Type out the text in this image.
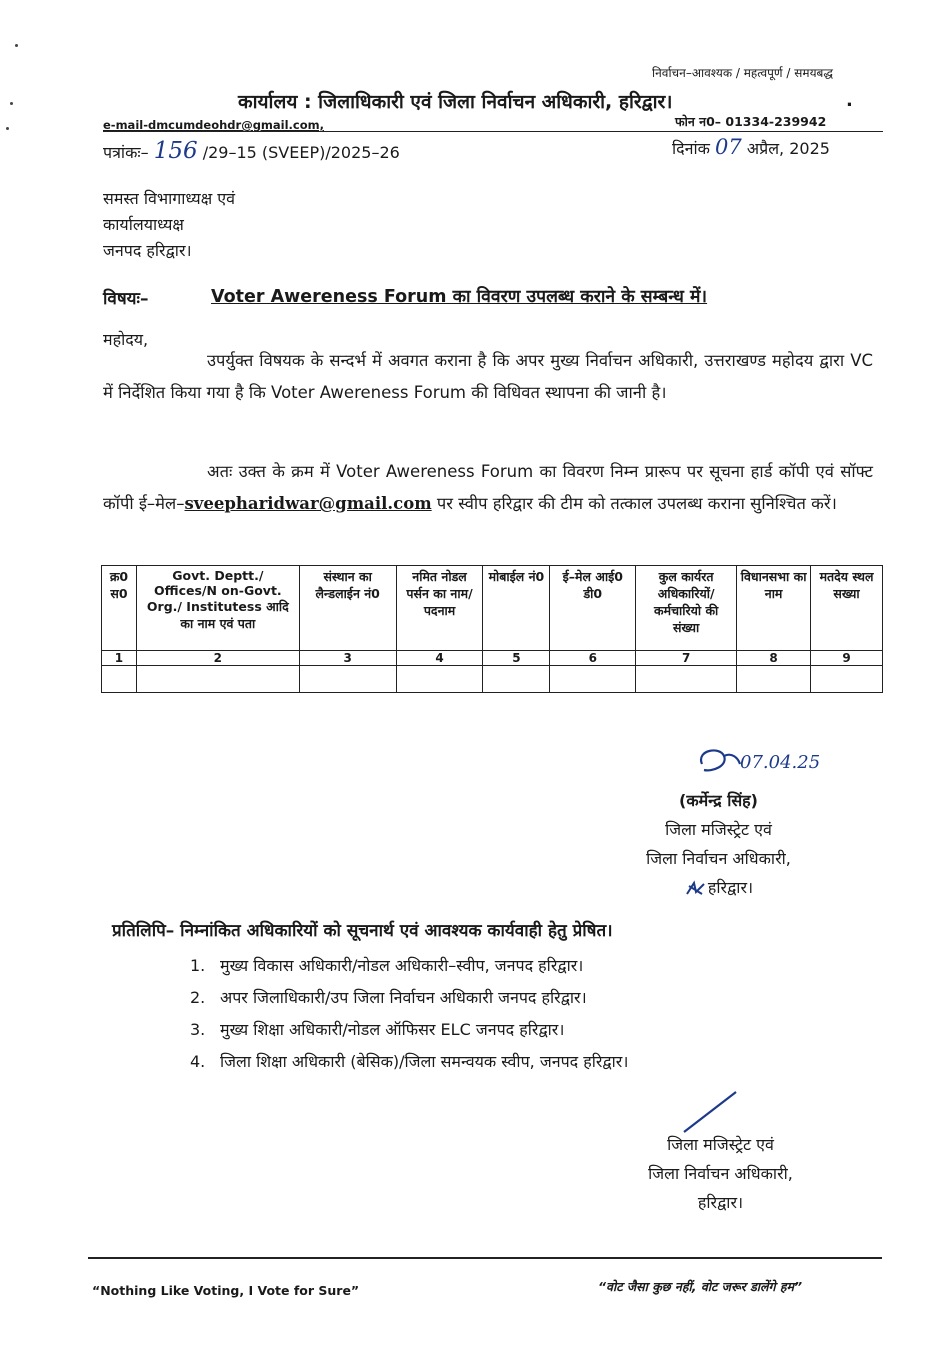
निर्वाचन–आवश्यक / महत्वपूर्ण / समयबद्ध
कार्यालय : जिलाधिकारी एवं जिला निर्वाचन अधिकारी, हरिद्वार।	.
e-mail-dmcumdeohdr@gmail.com,	फोन न0– 01334-239942
पत्रांकः– 156 /29–15 (SVEEP)/2025–26	दिनांक 07 अप्रैल, 2025
समस्त विभागाध्यक्ष एवं
कार्यालयाध्यक्ष
जनपद हरिद्वार।
विषयः–	Voter Awereness Forum का विवरण उपलब्ध कराने के सम्बन्ध में।
महोदय,
उपर्युक्त विषयक के सन्दर्भ में अवगत कराना है कि अपर मुख्य निर्वाचन अधिकारी, उत्तराखण्ड महोदय द्वारा VC में निर्देशित किया गया है कि Voter Awereness Forum की विधिवत स्थापना की जानी है।
अतः उक्त के क्रम में Voter Awereness Forum का विवरण निम्न प्रारूप पर सूचना हार्ड कॉपी एवं सॉफ्ट कॉपी ई–मेल–sveepharidwar@gmail.com पर स्वीप हरिद्वार की टीम को तत्काल उपलब्ध कराना सुनिश्चित करें।
क्र0 स0	Govt. Deptt./ Offices/N on-Govt. Org./ Institutess आदि का नाम एवं पता	संस्थान का लैन्डलाईन नं0	नमित नोडल पर्सन का नाम/पदनाम	मोबाईल नं0	ई–मेल आई0 डी0	कुल कार्यरत अधिकारियों/ कर्मचारियो की संख्या	विधानसभा का नाम	मतदेय स्थल सख्या
1	2	3	4	5	6	7	8	9

07.04.25
(कर्मेन्द्र सिंह)
जिला मजिस्ट्रेट एवं
जिला निर्वाचन अधिकारी,
हरिद्वार।
प्रतिलिपि– निम्नांकित अधिकारियों को सूचनार्थ एवं आवश्यक कार्यवाही हेतु प्रेषित।
1. मुख्य विकास अधिकारी/नोडल अधिकारी–स्वीप, जनपद हरिद्वार।
2. अपर जिलाधिकारी/उप जिला निर्वाचन अधिकारी जनपद हरिद्वार।
3. मुख्य शिक्षा अधिकारी/नोडल ऑफिसर ELC जनपद हरिद्वार।
4. जिला शिक्षा अधिकारी (बेसिक)/जिला समन्वयक स्वीप, जनपद हरिद्वार।
जिला मजिस्ट्रेट एवं
जिला निर्वाचन अधिकारी,
हरिद्वार।
“Nothing Like Voting, I Vote for Sure”	“वोट जैसा कुछ नहीं, वोट जरूर डालेंगे हम”
